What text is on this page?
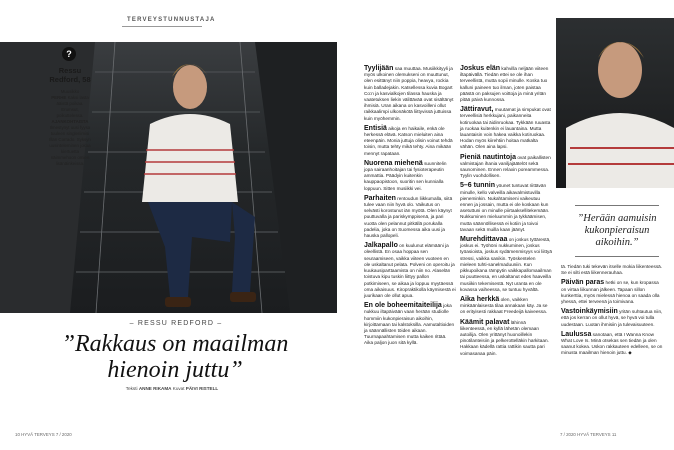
TERVEYSTUNNUSTAJA
?
Ressu Redford, 58
Muusikko
PERHE Kaksi lasta ääistä poikaa. Erumsut, poikuttelessa.
AJANKOHTAISTA Ilmestynyt uusi fyysa tuuleen singleriimisi Illan Corrado. Syksyn uusinteleminen jokaa kiertuetta näimmehoon omien lisänäinkeissa.
– RESSU REDFORD –
”Rakkaus on maailman hienoin juttu”
Teksti ANNE RIKAMA Kuvat PÄIVI RISTELL

Tyylijään saa muuttaa. Musiikkityyli ja myös ulkoinen olemukseni on muuttunut, olen esittänyt niin poppia, heavya, rockia kuin balladejakin. Katsellessa kuvia Bogart Co:n ja kasvialkojen tilassa hauska ja vaatetuksen liekin välittävää ovat sisältänyt ihmisiä. Uran aikana on kasvoilleni ollut raikkaalimpi ulkonäkötä liittyvissä juttuissa kuin myöhemmin.

Entisiä aikoja en haikaile, enkä ole herkessä elävä. Katson mieluiten aina eteenpäin. Monia juttuja olisin voinut tehdä toisin, mutta tehty mikä tehty. Aina mikään mennyt rapataan.

Nuorena miehenä suunnitelin jopa sairaanhoitajan tai fysioterapeutin ammattia. Päädyin kuitenkin kauppaopistoon, suoritin sen kunnialla loppuun. Sitten musiikki vei.

Parhaiten rentoudun liikkumalla, siitä tulee vaan niin hyvä olo. Vaikutus on selvästi korostunut iän myötä. Olen käynyt puuttuvalla ja pariskymppisenä, ja pari vuotta olen pelannut pitkällä porukalla padelia, joka on Suomessa aika uusi ja hauska pallopeli.

Jalkapallo on kuulunut elämääni ja oleellistä. En osaa hoppaa sen seuraamiseen, vaikka viiteen vuoteen en ole uskaltanut pelata. Polveni on operoitu ja kuukausiparttaamista on niin no. Alaselän toistuva kipu tuskin liittyy pallon potkimiseen, se aikaa ja loppuu myytäessä oma aikaisuus. Kiropraktikolla käymisestä ei juurikaan ole ollut apua.

En ole boheemitaiteilija joka nukkuu iltapäivään vaan herään studiolle hommiin kukonpieraisun aikoihin, kirjoittamaan tai kalstoksilla. Aamutaltioiden ja säännällisten töiden aikaan. Tuurnapaahtamisen mutta kaiken rittää. Aika paljon juon sitä kyllä.

Joskus elän kahvilla neljään viiteen iltapäivällä. Tiedän ettei se ole ihan terveellistä, mutta sopii minulle. Koska tuo kalluni paineen tuo ilman, joten paistaa päästä on paksujen voittoja ja minä yritän pitää päivä kunnossa.

Jättiravut, muutamat ja simpukat ovat terveellisiä herkkujani, paikanneita kotiruokaa tai äidinruokaa. Tykkään ruuasta ja ruokaa kuitenkin ei lauantaina. Mutta lauantaisin voin hakea vaikka kotiruokaa. Hodan myös kiirehtiin hoitaa matkalta vähän. Olen aina lapsi.

Pieniä nautintoja ovat paikallisten valmistajan ihania vaniljajäätelöt sekä saunominen. Ennen relaxin poreammessa. Tyylin vuohdollisen.

5–6 tunnin yöunet tuntuvat riittävän minulle, kello valveilla aikavalmistuvilla pieneminkin. Nukahtamiseni vaikeutuu ennen ja jossain, mutta ei ole koskaan kun asetuttuni on minulle piirtaaksellitekemään. Nukkuminen mieluummin ja tykkäämisen, mutta säännöllisessä ei kotiin ja toivoi tavaan sekä muilla kaan jäänyt.

Murehdittavaa on joskus tyttärestä, joskus ei. Työhöni nukkuminen, joskus työasioista, joskus sydämenmisyys voi liittyä stressi, vaikka sanikin. Työskentelen mieleen tuhti-sanelmaduuniin. Kun pikkupoikana rämpytin vaikkapallomaailman tai puutteessa, en uskaltanut edes haaveilla musiikin tekemisestä. Nyt uranta en ole kovassa vaiheessa, se tuntuu hyvältä.

Aika herkkä olen, vaikken minkäänlaisesta tilaa annakaan käy. Ja se on erityisesti rakkaat Freedeijä kaiveessa.

Käämit palavat lähinnä liikenteessä, en kyllä lähetän olemaan autoilija. Olen yrittänyt huonoillekin pinotilanteisiin ja pelkerottelläkin harkitaan. Hakkaan kädellä rattia rattikin sautta pari voimasanaa päin.

”Herään aamuisin kukonpieraisun aikoihin.”

tä. Tiedän tuki tekevän itselle mokia liikenteessä. Se ei silti estä liikennerauhaa.

Päivän paras hetki on se, kun kropassa on virtaa liikunnan jälkeen. Tapaan sillon kunkerttia, myös mielessä hienoa on saada olla yhessä, ettei terveenä ja toimivana.

Vastoinkäymisiin yritän suhtautua niin, että jos kerran on ollut hyvä, se hyvä voi tulla uudestaan. Luotan ihmisiin ja tulevaisuuteen.

Laulussa sanotaan, että I Wanna Know What Love Is. Minä otsekas sen tiedän ja olen saanut kokea. Uskon rakkauteen edelleen, se on minusta maailman hienoin juttu. ◆

10 HYVÄ TERVEYS 7 / 2020	7 / 2020 HYVÄ TERVEYS 11
